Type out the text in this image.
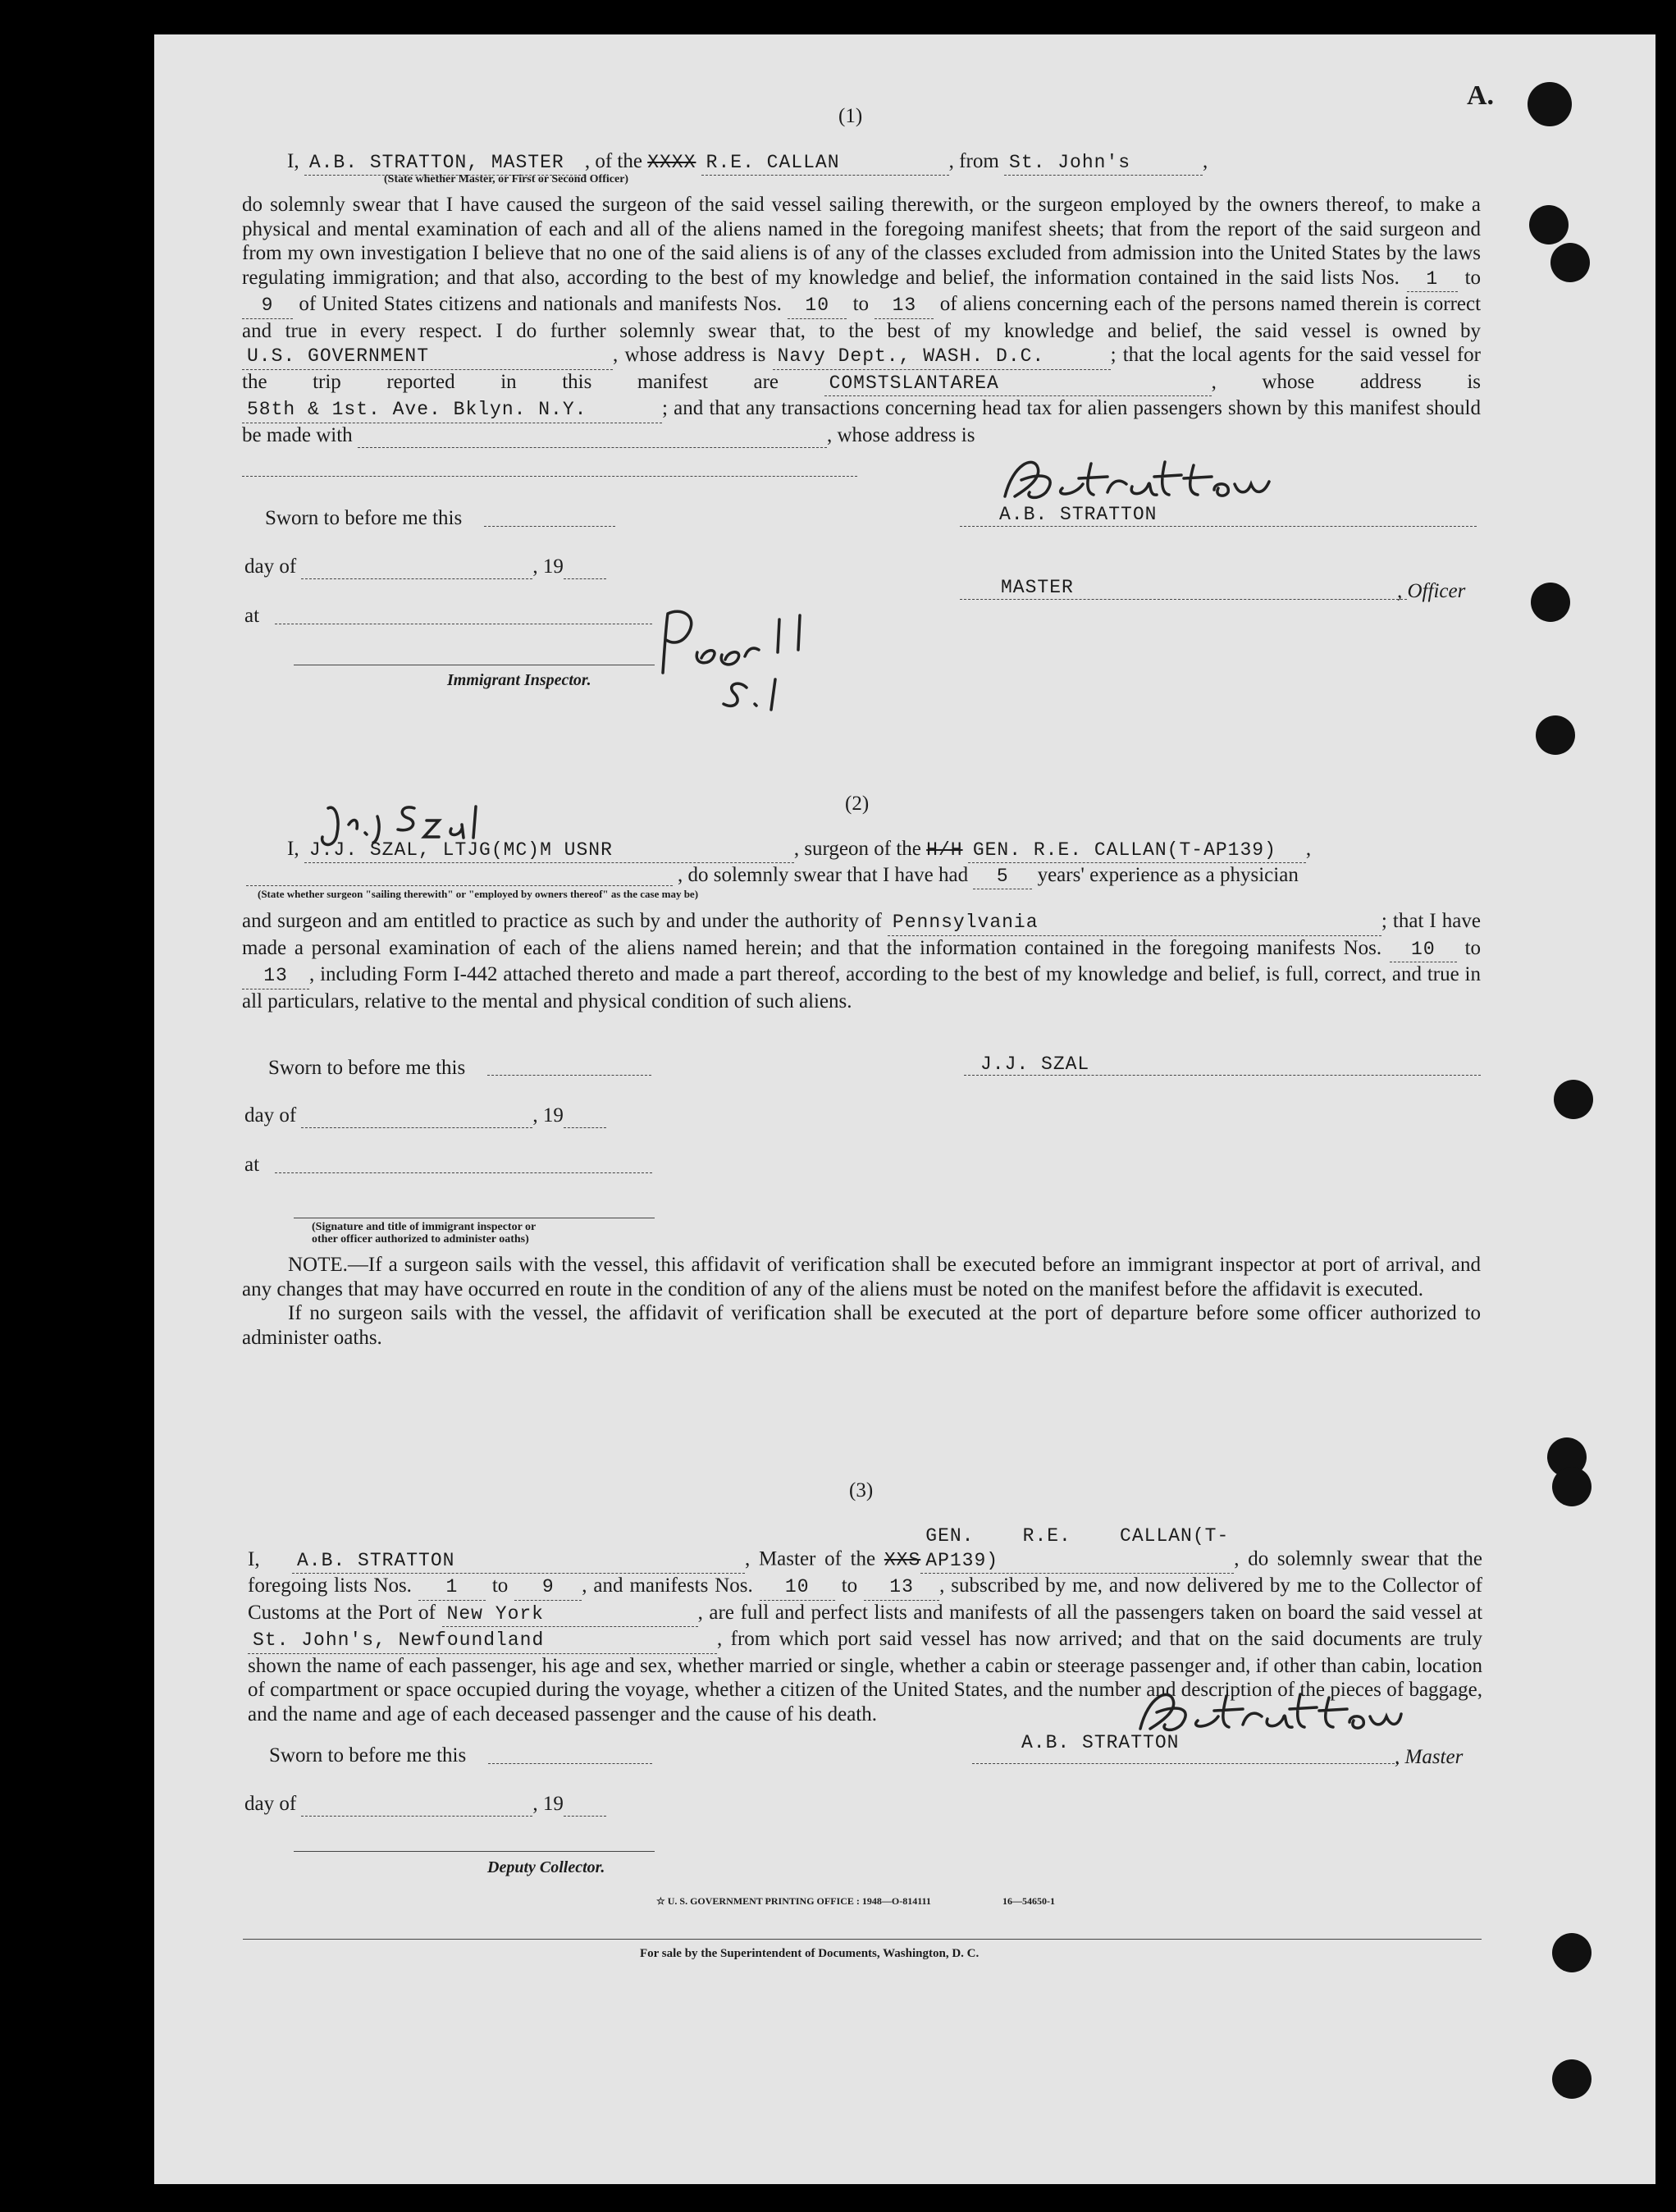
A.
(1)
I, A.B. STRATTON, MASTER , of the XXXX R.E. CALLAN	, from St. John's	,
(State whether Master, or First or Second Officer)
do solemnly swear that I have caused the surgeon of the said vessel sailing therewith, or the surgeon employed by the owners thereof, to make a physical and mental examination of each and all of the aliens named in the foregoing manifest sheets; that from the report of the said surgeon and from my own investigation I believe that no one of the said aliens is of any of the classes excluded from admission into the United States by the laws regulating immigration; and that also, according to the best of my knowledge and belief, the information contained in the said lists Nos. 1 to 9 of United States citizens and nationals and manifests Nos. 10 to 13 of aliens concerning each of the persons named therein is correct and true in every respect. I do further solemnly swear that, to the best of my knowledge and belief, the said vessel is owned by U.S. GOVERNMENT	, whose address is Navy Dept., WASH. D.C.	; that the local agents for the said vessel for the trip reported in this manifest are	COMSTSLANTAREA	, whose address is 58th & 1st. Ave. Bklyn. N.Y.	; and that any transactions concerning head tax for alien passengers shown by this manifest should be made with	, whose address is
Sworn to before me this	A.B. STRATTON
day of	, 19
MASTER	, Officer
at
Immigrant Inspector.
(2)
I, J.J. SZAL, LTJG(MC)M USNR	, surgeon of the H/H GEN. R.E. CALLAN(T-AP139) ,
(State whether surgeon "sailing therewith" or "employed by owners thereof" as the case may be)
, do solemnly swear that I have had 5 years' experience as a physician
and surgeon and am entitled to practice as such by and under the authority of Pennsylvania	; that I have made a personal examination of each of the aliens named herein; and that the information contained in the foregoing manifests Nos. 10 to 13 , including Form I-442 attached thereto and made a part thereof, according to the best of my knowledge and belief, is full, correct, and true in all particulars, relative to the mental and physical condition of such aliens.
Sworn to before me this	J.J. SZAL
day of	, 19
at
(Signature and title of immigrant inspector or
other officer authorized to administer oaths)
NOTE.—If a surgeon sails with the vessel, this affidavit of verification shall be executed before an immigrant inspector at port of arrival, and any changes that may have occurred en route in the condition of any of the aliens must be noted on the manifest before the affidavit is executed.
If no surgeon sails with the vessel, the affidavit of verification shall be executed at the port of departure before some officer authorized to administer oaths.
(3)
I, A.B. STRATTON	, Master of the XXSGEN. R.E. CALLAN(T-AP139)	, do solemnly swear that the foregoing lists Nos. 1 to 9 , and manifests Nos. 10 to 13 , subscribed by me, and now delivered by me to the Collector of Customs at the Port of New York	, are full and perfect lists and manifests of all the passengers taken on board the said vessel at St. John's, Newfoundland	, from which port said vessel has now arrived; and that on the said documents are truly shown the name of each passenger, his age and sex, whether married or single, whether a cabin or steerage passenger and, if other than cabin, location of compartment or space occupied during the voyage, whether a citizen of the United States, and the number and description of the pieces of baggage, and the name and age of each deceased passenger and the cause of his death.
Sworn to before me this
A.B. STRATTON
, Master
day of	, 19
Deputy Collector.
☆ U. S. GOVERNMENT PRINTING OFFICE : 1948—O-814111	16—54650-1
For sale by the Superintendent of Documents, Washington, D. C.
